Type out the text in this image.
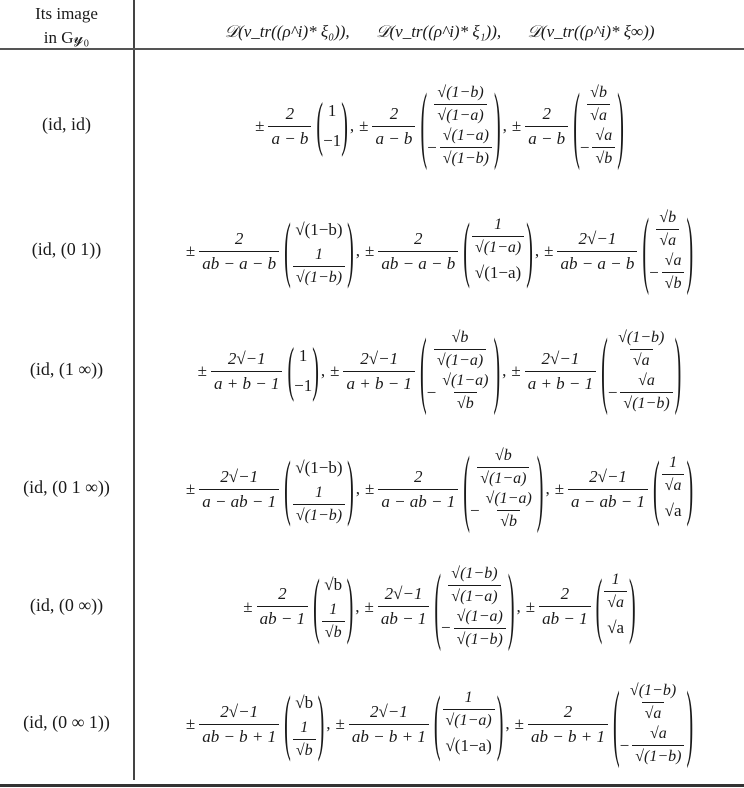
Its image
in G𝓎₀	𝒟(ν_tr((ρ^i)* ξ₀)), 𝒟(ν_tr((ρ^i)* ξ₁)), 𝒟(ν_tr((ρ^i)* ξ∞))
(id, id)	± $\frac{2}{a - b}$ ( 1
−1 ) , ± $\frac{2}{a - b}$ ( $\frac{√(1-b)}{√(1-a)}$
− $\frac{√(1-a)}{√(1-b)}$ ) , ± $\frac{2}{a - b}$ ( $\frac{√b}{√a}$
− $\frac{√a}{√b}$ )
(id, (0 1))	± $\frac{2}{ab - a - b}$ ( √(1−b)
$\frac{1}{√(1-b)}$ ) , ± $\frac{2}{ab - a - b}$ ( $\frac{1}{√(1-a)}$
√(1−a) ) , ± $\frac{2√-1}{ab - a - b}$ ( $\frac{√b}{√a}$
− $\frac{√a}{√b}$ )
(id, (1 ∞))	± $\frac{2√-1}{a + b - 1}$ ( 1
−1 ) , ± $\frac{2√-1}{a + b - 1}$ ( $\frac{√b}{√(1-a)}$
− $\frac{√(1-a)}{√b}$ ) , ± $\frac{2√-1}{a + b - 1}$ ( $\frac{√(1-b)}{√a}$
− $\frac{√a}{√(1-b)}$ )
(id, (0 1 ∞))	± $\frac{2√-1}{a - ab - 1}$ ( √(1−b)
$\frac{1}{√(1-b)}$ ) , ± $\frac{2}{a - ab - 1}$ ( $\frac{√b}{√(1-a)}$
− $\frac{√(1-a)}{√b}$ ) , ± $\frac{2√-1}{a - ab - 1}$ ( $\frac{1}{√a}$
√a )
(id, (0 ∞))	± $\frac{2}{ab - 1}$ ( √b
$\frac{1}{√b}$ ) , ± $\frac{2√-1}{ab - 1}$ ( $\frac{√(1-b)}{√(1-a)}$
− $\frac{√(1-a)}{√(1-b)}$ ) , ± $\frac{2}{ab - 1}$ ( $\frac{1}{√a}$
√a )
(id, (0 ∞ 1))	± $\frac{2√-1}{ab - b + 1}$ ( √b
$\frac{1}{√b}$ ) , ± $\frac{2√-1}{ab - b + 1}$ ( $\frac{1}{√(1-a)}$
√(1−a) ) , ± $\frac{2}{ab - b + 1}$ ( $\frac{√(1-b)}{√a}$
− $\frac{√a}{√(1-b)}$ )
